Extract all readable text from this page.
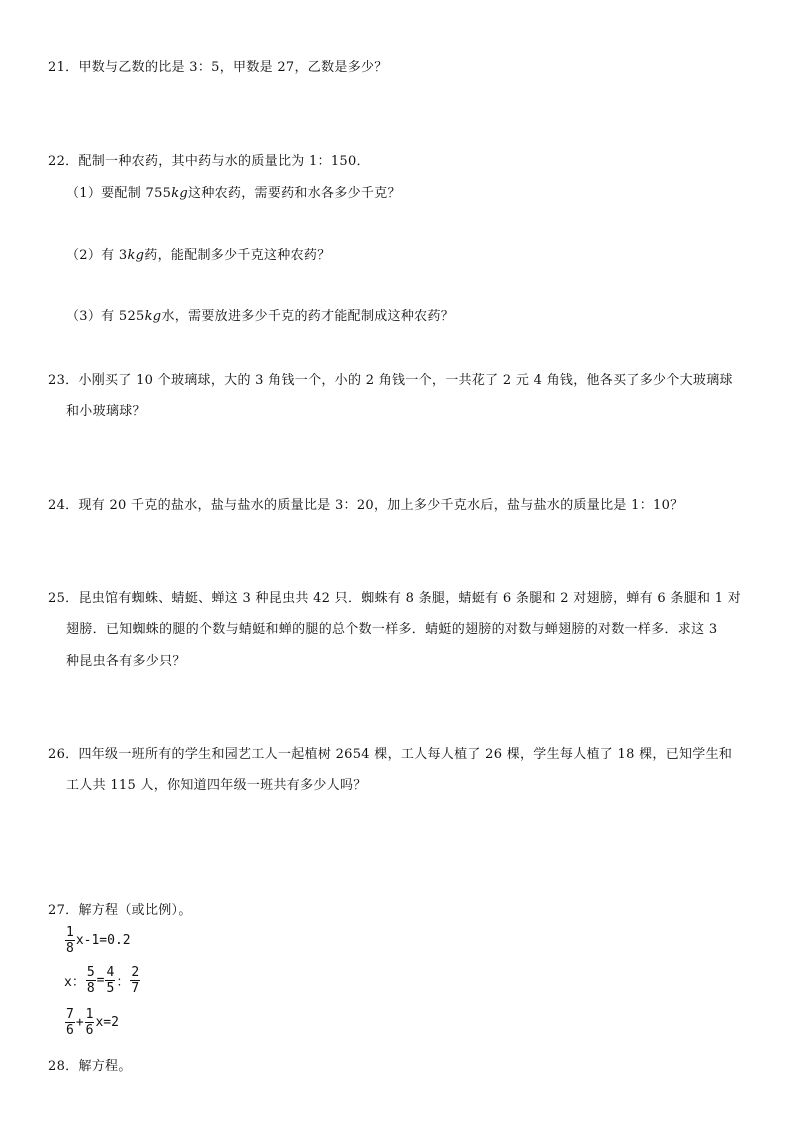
21．甲数与乙数的比是 3：5，甲数是 27，乙数是多少？
22．配制一种农药，其中药与水的质量比为 1：150．
（1）要配制 755kg这种农药，需要药和水各多少千克？
（2）有 3kg药，能配制多少千克这种农药？
（3）有 525kg水，需要放进多少千克的药才能配制成这种农药？
23．小刚买了 10 个玻璃球，大的 3 角钱一个，小的 2 角钱一个，一共花了 2 元 4 角钱，他各买了多少个大玻璃球
和小玻璃球？
24．现有 20 千克的盐水，盐与盐水的质量比是 3：20，加上多少千克水后，盐与盐水的质量比是 1：10？
25．昆虫馆有蜘蛛、蜻蜓、蝉这 3 种昆虫共 42 只．蜘蛛有 8 条腿，蜻蜓有 6 条腿和 2 对翅膀，蝉有 6 条腿和 1 对
翅膀．已知蜘蛛的腿的个数与蜻蜓和蝉的腿的总个数一样多．蜻蜓的翅膀的对数与蝉翅膀的对数一样多．求这 3
种昆虫各有多少只？
26．四年级一班所有的学生和园艺工人一起植树 2654 棵，工人每人植了 26 棵，学生每人植了 18 棵，已知学生和
工人共 115 人，你知道四年级一班共有多少人吗？
27．解方程（或比例）。
$\frac{1}{8} x-1=0.2$
x： $\frac{5}{8} = \frac{4}{5}$ ： $\frac{2}{7}$
$\frac{7}{6} + \frac{1}{6} x=2$
28．解方程。
